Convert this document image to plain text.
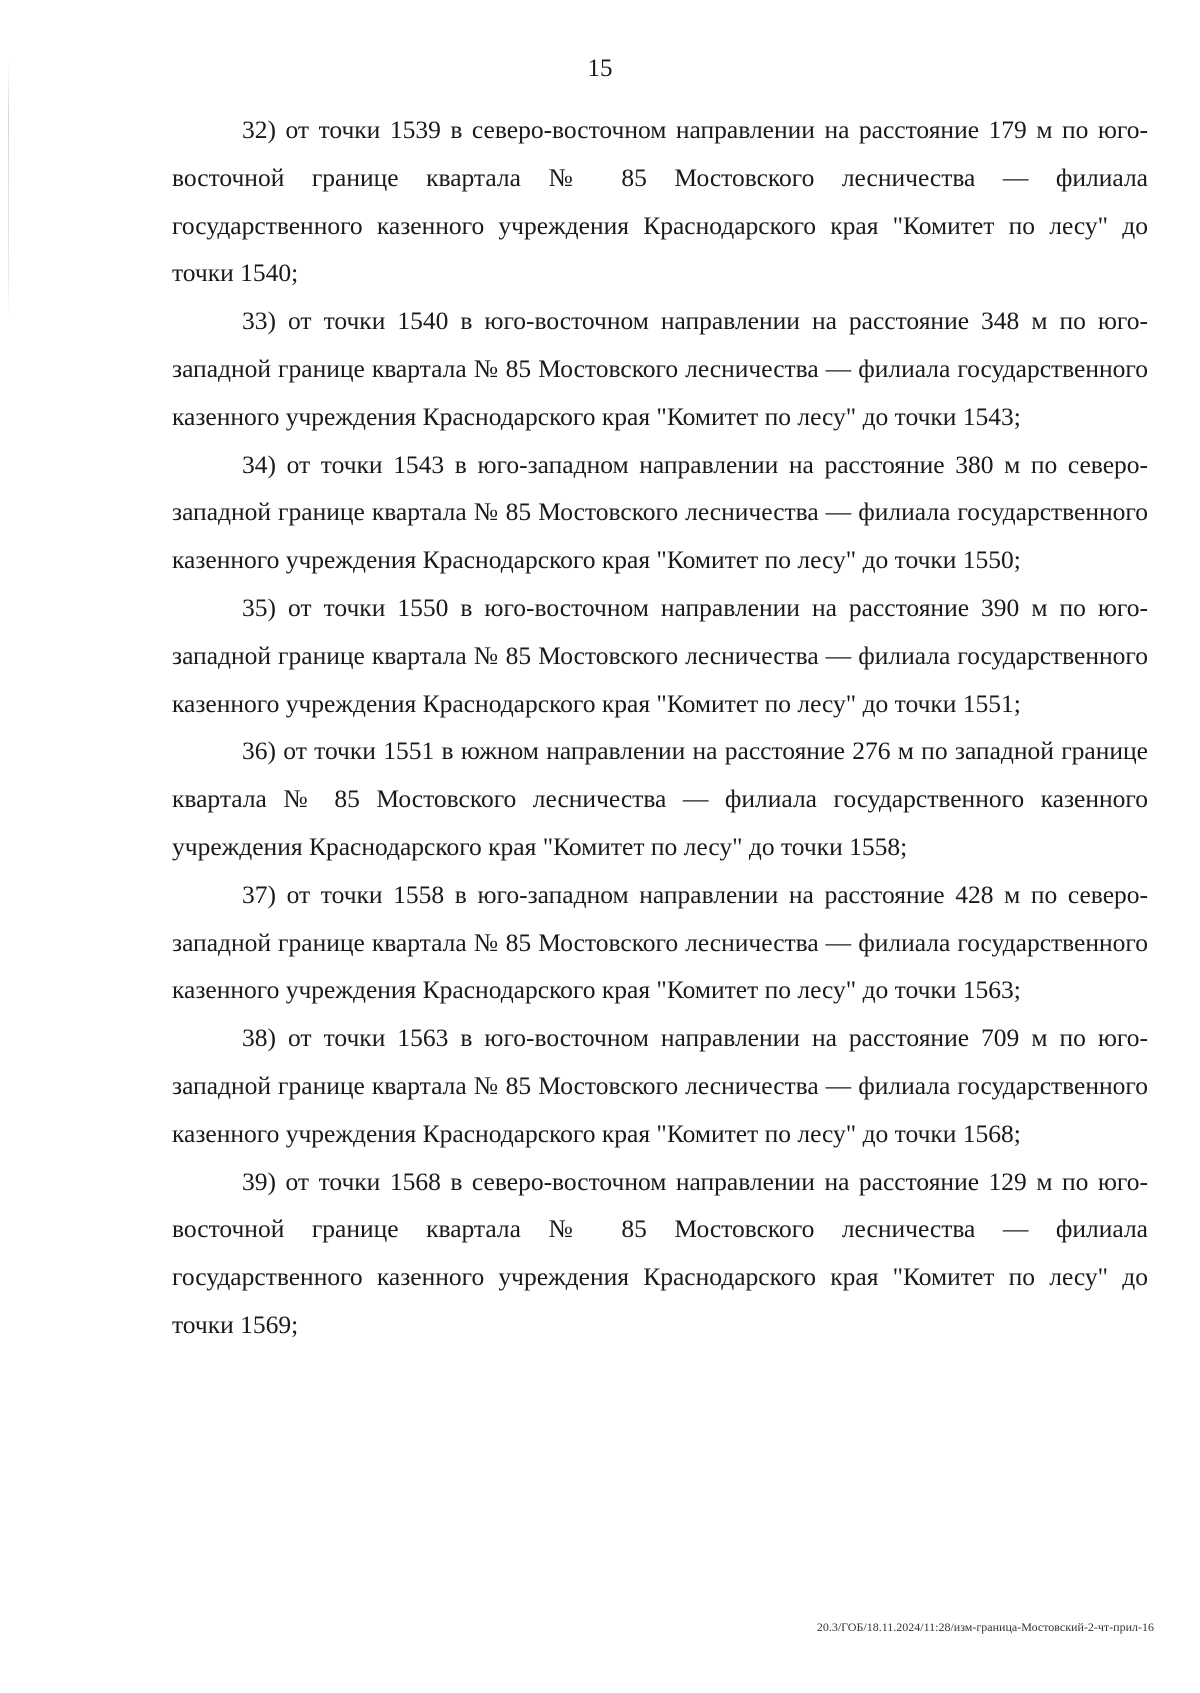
15

32) от точки 1539 в северо-восточном направлении на расстояние 179 м по юго-восточной границе квартала № 85 Мостовского лесничества — филиала государственного казенного учреждения Краснодарского края "Комитет по лесу" до точки 1540;

33) от точки 1540 в юго-восточном направлении на расстояние 348 м по юго-западной границе квартала № 85 Мостовского лесничества — филиала государственного казенного учреждения Краснодарского края "Комитет по лесу" до точки 1543;

34) от точки 1543 в юго-западном направлении на расстояние 380 м по северо-западной границе квартала № 85 Мостовского лесничества — филиала государственного казенного учреждения Краснодарского края "Комитет по лесу" до точки 1550;

35) от точки 1550 в юго-восточном направлении на расстояние 390 м по юго-западной границе квартала № 85 Мостовского лесничества — филиала государственного казенного учреждения Краснодарского края "Комитет по лесу" до точки 1551;

36) от точки 1551 в южном направлении на расстояние 276 м по западной границе квартала № 85 Мостовского лесничества — филиала государственного казенного учреждения Краснодарского края "Комитет по лесу" до точки 1558;

37) от точки 1558 в юго-западном направлении на расстояние 428 м по северо-западной границе квартала № 85 Мостовского лесничества — филиала государственного казенного учреждения Краснодарского края "Комитет по лесу" до точки 1563;

38) от точки 1563 в юго-восточном направлении на расстояние 709 м по юго-западной границе квартала № 85 Мостовского лесничества — филиала государственного казенного учреждения Краснодарского края "Комитет по лесу" до точки 1568;

39) от точки 1568 в северо-восточном направлении на расстояние 129 м по юго-восточной границе квартала № 85 Мостовского лесничества — филиала государственного казенного учреждения Краснодарского края "Комитет по лесу" до точки 1569;

20.3/ГОБ/18.11.2024/11:28/изм-граница-Мостовский-2-чт-прил-16
